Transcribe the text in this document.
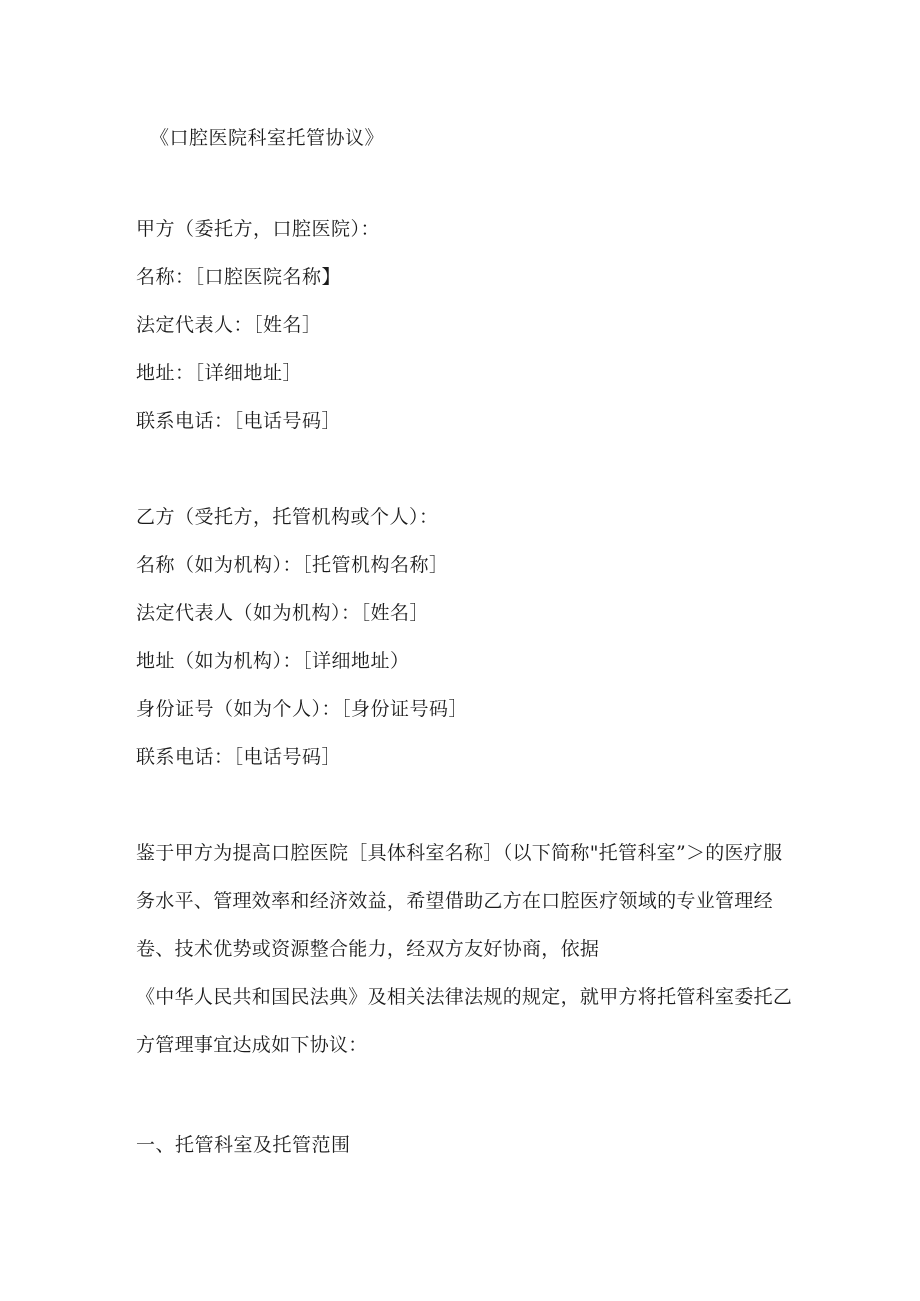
《口腔医院科室托管协议》
甲方（委托方，口腔医院）：
名称：［口腔医院名称】
法定代表人：［姓名］
地址：［详细地址］
联系电话：［电话号码］
乙方（受托方，托管机构或个人）：
名称（如为机构）：［托管机构名称］
法定代表人（如为机构）：［姓名］
地址（如为机构）：［详细地址）
身份证号（如为个人）：［身份证号码］
联系电话：［电话号码］
鉴于甲方为提高口腔医院［具体科室名称］（以下简称"托管科室”＞的医疗服
务水平、管理效率和经济效益，希望借助乙方在口腔医疗领域的专业管理经
卷、技术优势或资源整合能力，经双方友好协商，依据
《中华人民共和国民法典》及相关法律法规的规定，就甲方将托管科室委托乙
方管理事宜达成如下协议：
一、托管科室及托管范围
